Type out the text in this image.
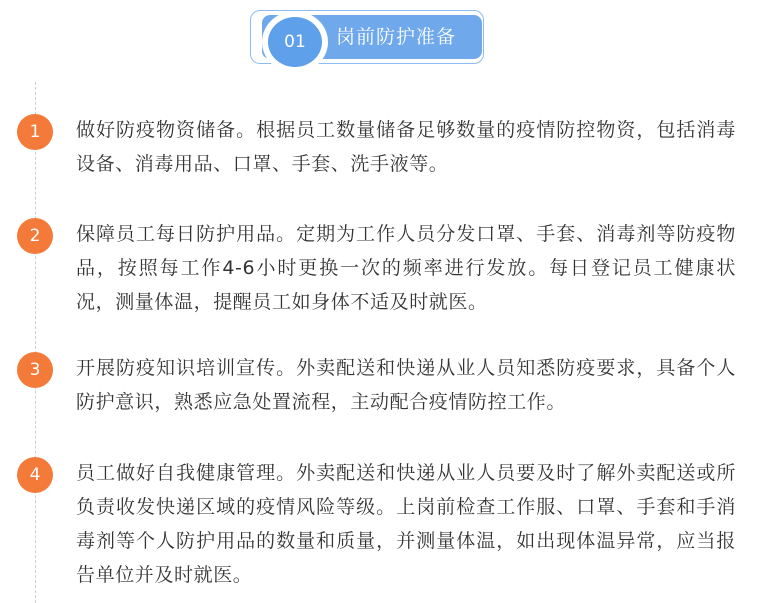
01	岗前防护准备
1	做好防疫物资储备。根据员工数量储备足够数量的疫情防控物资，包括消毒设备、消毒用品、口罩、手套、洗手液等。
2	保障员工每日防护用品。定期为工作人员分发口罩、手套、消毒剂等防疫物品，按照每工作4-6小时更换一次的频率进行发放。每日登记员工健康状况，测量体温，提醒员工如身体不适及时就医。
3	开展防疫知识培训宣传。外卖配送和快递从业人员知悉防疫要求，具备个人防护意识，熟悉应急处置流程，主动配合疫情防控工作。
4	员工做好自我健康管理。外卖配送和快递从业人员要及时了解外卖配送或所负责收发快递区域的疫情风险等级。上岗前检查工作服、口罩、手套和手消毒剂等个人防护用品的数量和质量，并测量体温，如出现体温异常，应当报告单位并及时就医。
